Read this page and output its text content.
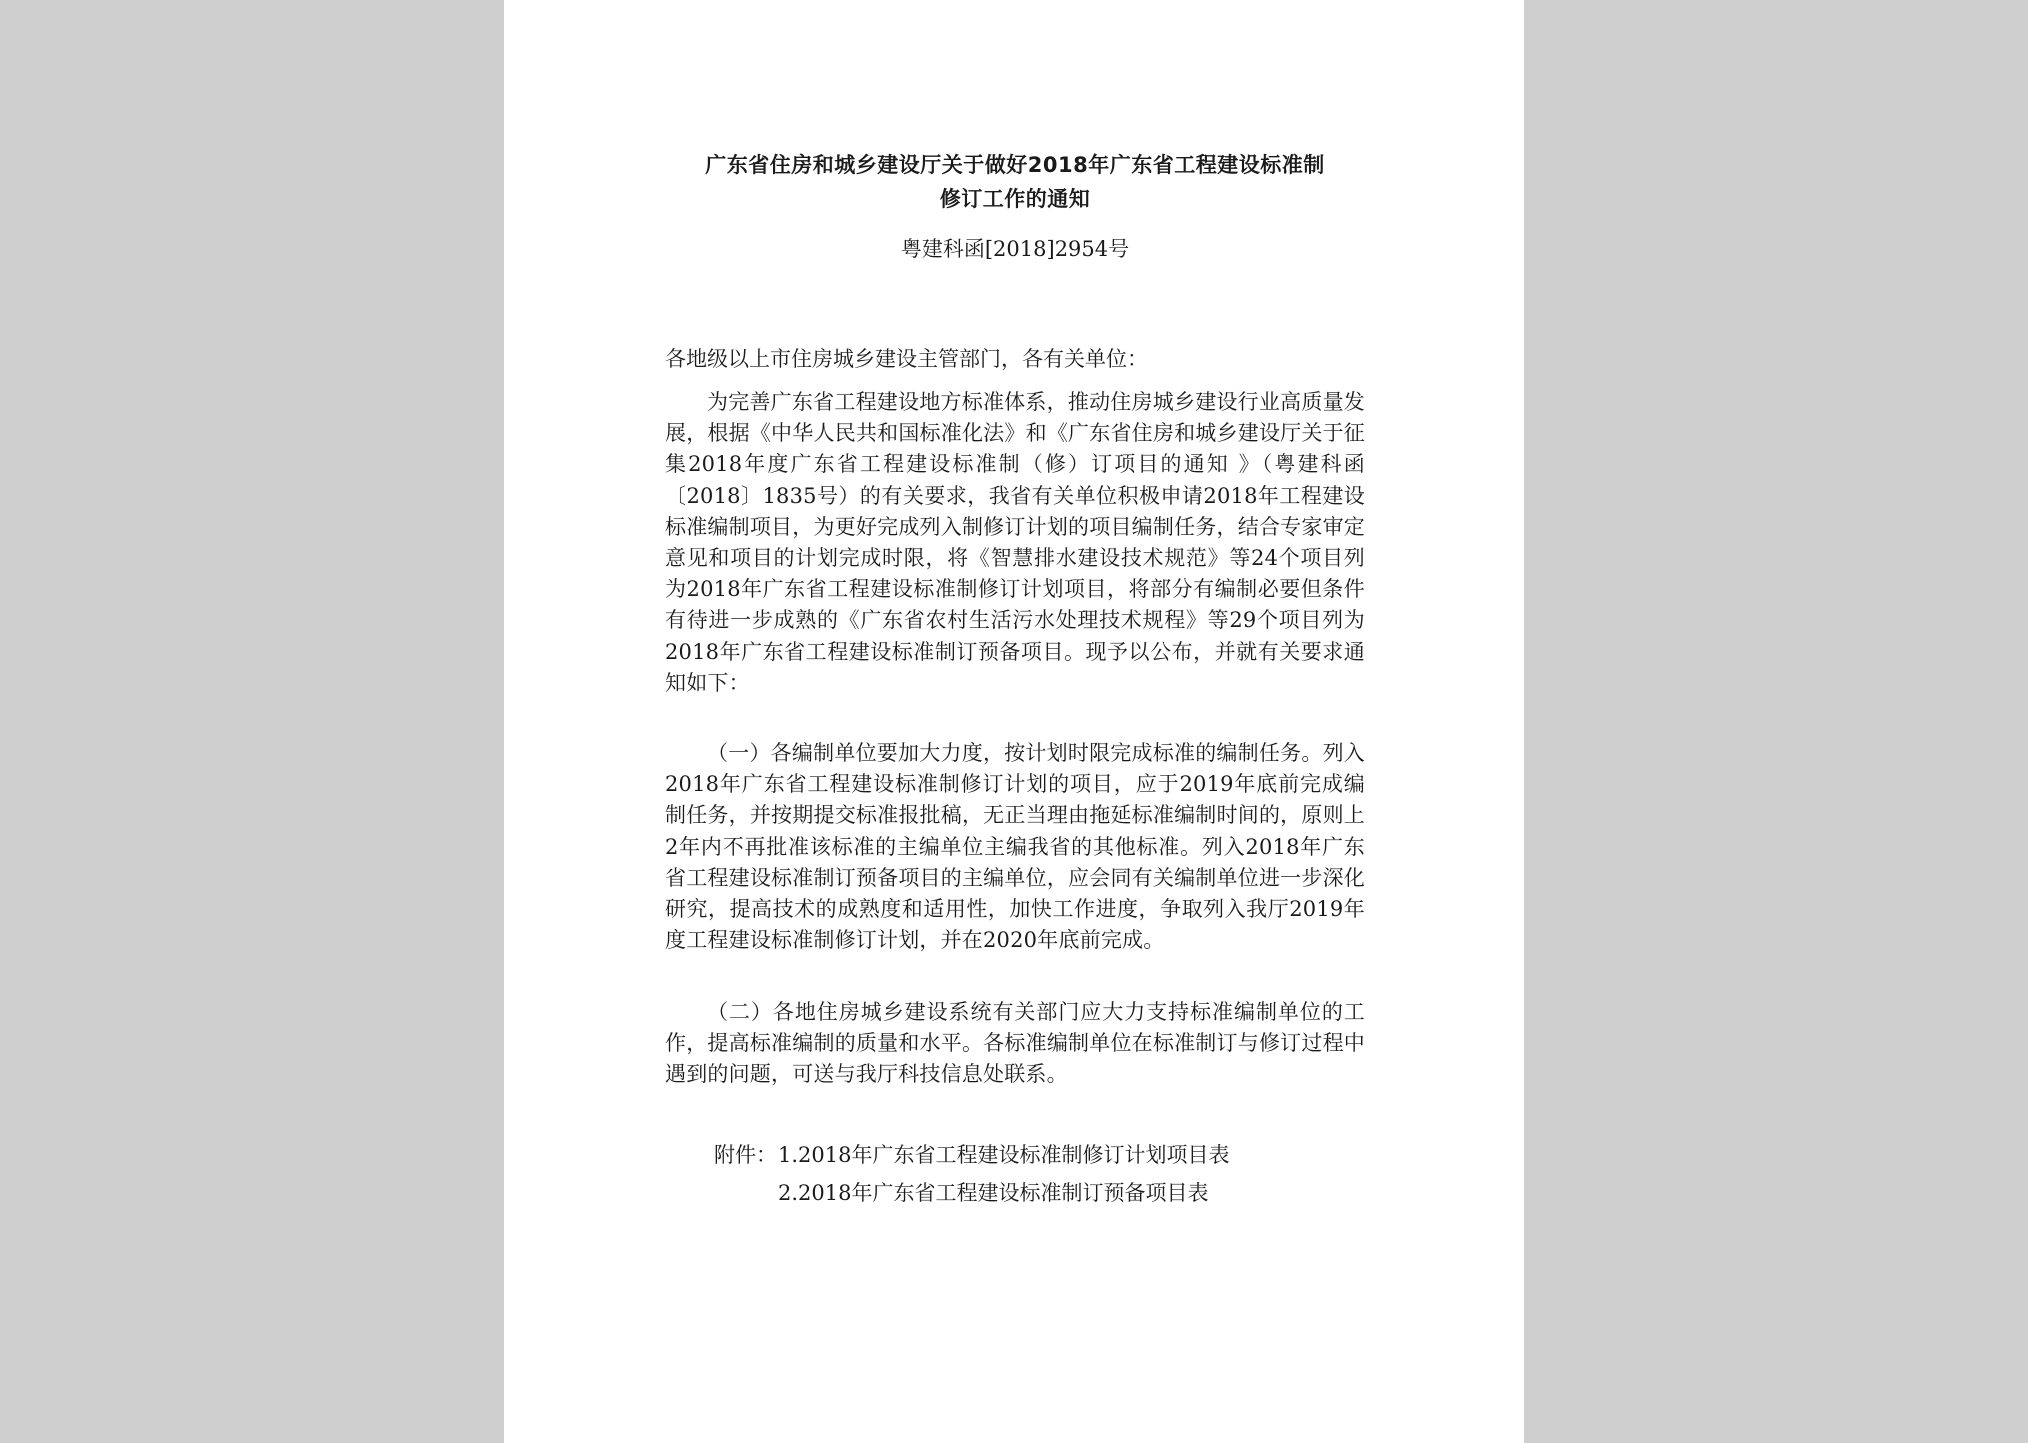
广东省住房和城乡建设厅关于做好2018年广东省工程建设标准制
修订工作的通知

粤建科函[2018]2954号

各地级以上市住房城乡建设主管部门，各有关单位：

为完善广东省工程建设地方标准体系，推动住房城乡建设行业高质量发展，根据《中华人民共和国标准化法》和《广东省住房和城乡建设厅关于征集2018年度广东省工程建设标准制（修）订项目的通知 》（粤建科函〔2018〕1835号）的有关要求，我省有关单位积极申请2018年工程建设标准编制项目，为更好完成列入制修订计划的项目编制任务，结合专家审定意见和项目的计划完成时限，将《智慧排水建设技术规范》等24个项目列为2018年广东省工程建设标准制修订计划项目，将部分有编制必要但条件有待进一步成熟的《广东省农村生活污水处理技术规程》等29个项目列为2018年广东省工程建设标准制订预备项目。现予以公布，并就有关要求通知如下：

（一）各编制单位要加大力度，按计划时限完成标准的编制任务。列入2018年广东省工程建设标准制修订计划的项目，应于2019年底前完成编制任务，并按期提交标准报批稿，无正当理由拖延标准编制时间的，原则上2年内不再批准该标准的主编单位主编我省的其他标准。列入2018年广东省工程建设标准制订预备项目的主编单位，应会同有关编制单位进一步深化研究，提高技术的成熟度和适用性，加快工作进度，争取列入我厅2019年度工程建设标准制修订计划，并在2020年底前完成。

（二）各地住房城乡建设系统有关部门应大力支持标准编制单位的工作，提高标准编制的质量和水平。各标准编制单位在标准制订与修订过程中遇到的问题，可送与我厅科技信息处联系。

附件： 1.2018年广东省工程建设标准制修订计划项目表
2.2018年广东省工程建设标准制订预备项目表
